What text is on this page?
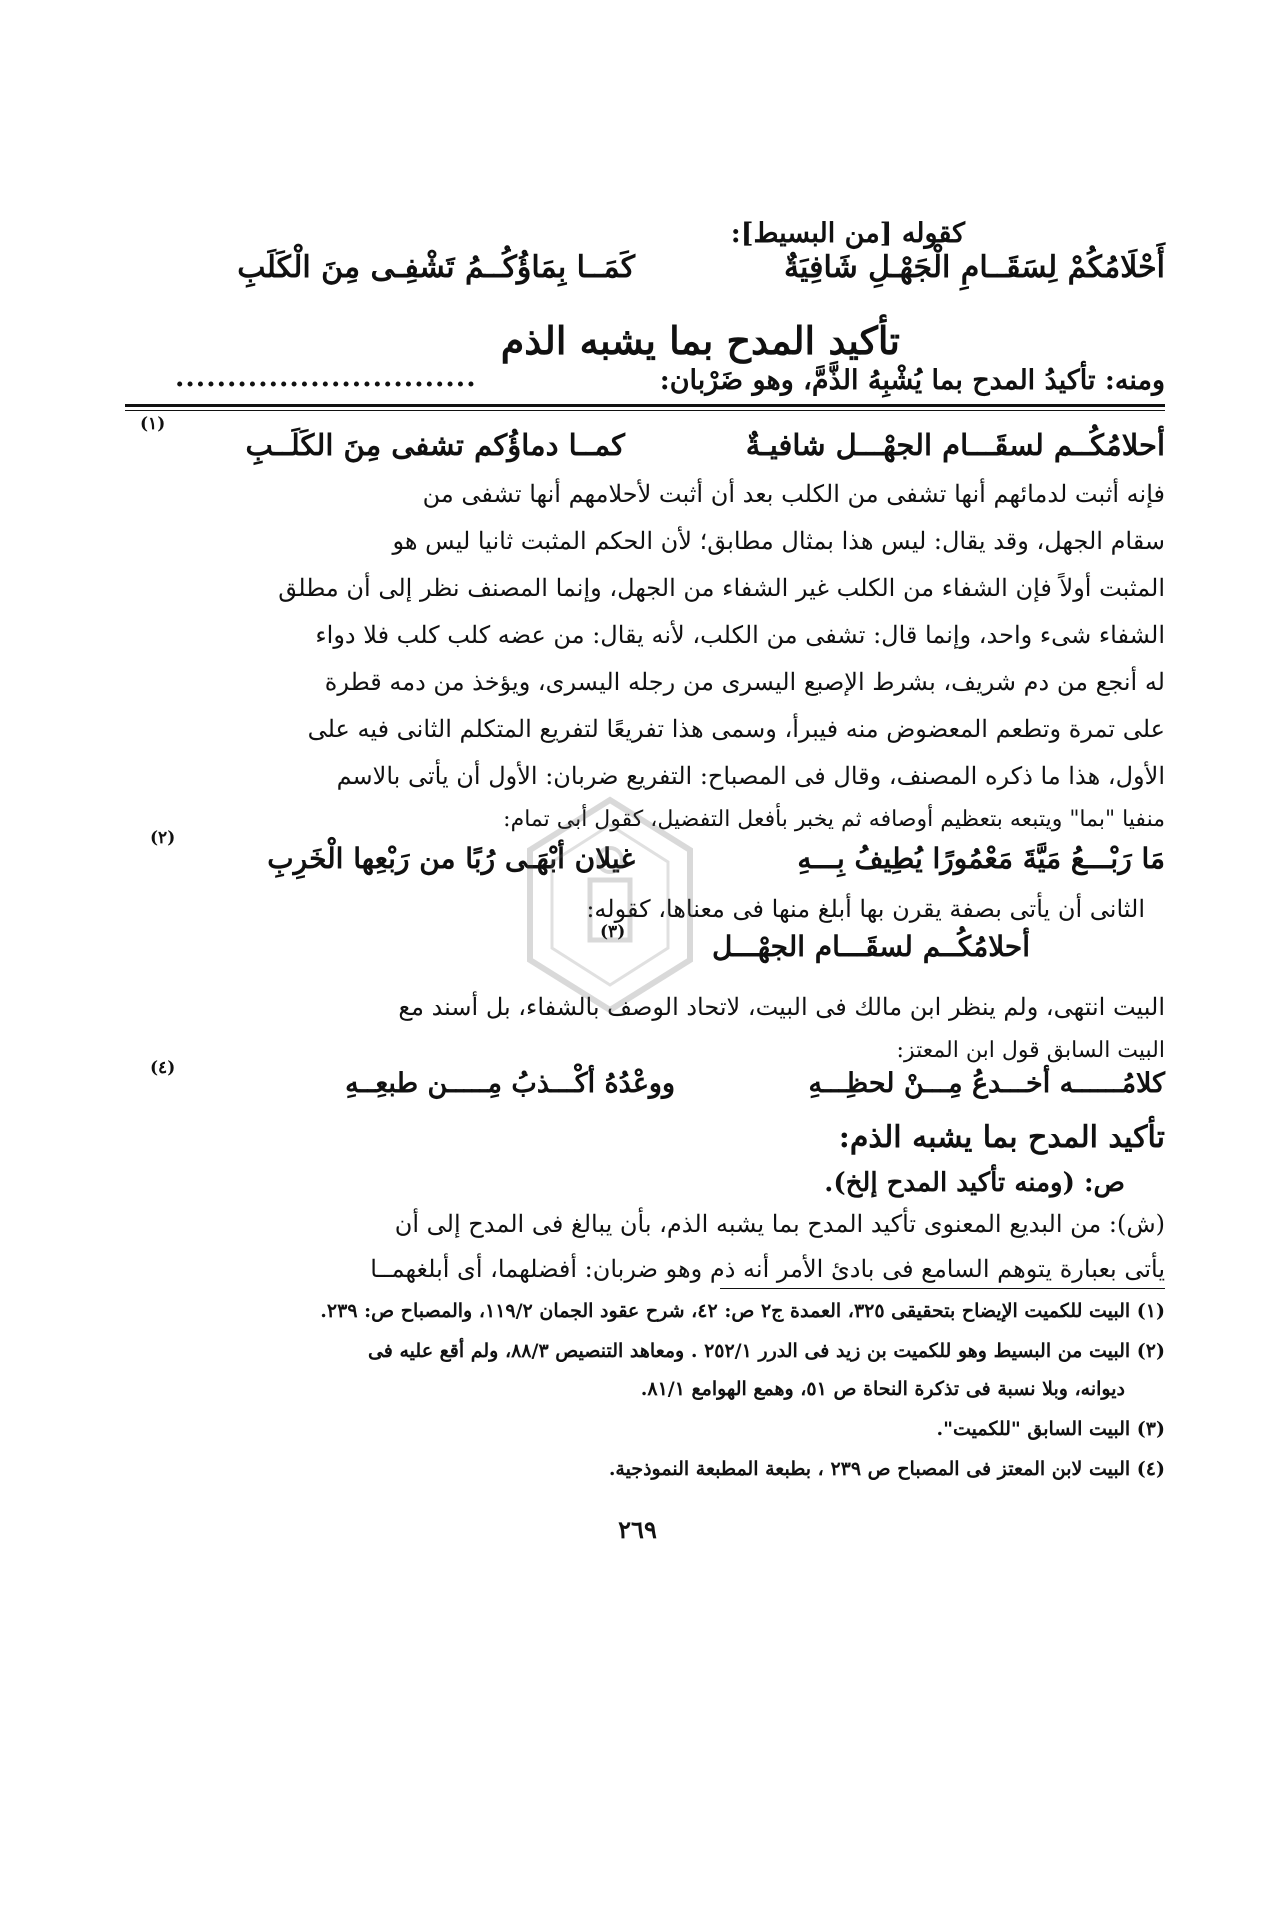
كقوله [من البسيط]:
أَحْلَامُكُمْ لِسَقَــامِ الْجَهْـلِ شَافِيَةٌ
كَمَــا بِمَاؤُكُــمُ تَشْفِـى مِنَ الْكَلَبِ
تأكيد المدح بما يشبه الذم
ومنه: تأكيدُ المدح بما يُشْبِهُ الذَّمَّ، وهو ضَرْبان:
.............................
أحلامُكُــم لسقَـــام الجهْـــل شافيـةٌ
كمــا دماؤُكم تشفى مِنَ الكَلَــبِ
(١)
فإنه أثبت لدمائهم أنها تشفى من الكلب بعد أن أثبت لأحلامهم أنها تشفى من
سقام الجهل، وقد يقال: ليس هذا بمثال مطابق؛ لأن الحكم المثبت ثانيا ليس هو
المثبت أولاً فإن الشفاء من الكلب غير الشفاء من الجهل، وإنما المصنف نظر إلى أن مطلق
الشفاء شىء واحد، وإنما قال: تشفى من الكلب، لأنه يقال: من عضه كلب كلب فلا دواء
له أنجع من دم شريف، بشرط الإصبع اليسرى من رجله اليسرى، ويؤخذ من دمه قطرة
على تمرة وتطعم المعضوض منه فيبرأ، وسمى هذا تفريعًا لتفريع المتكلم الثانى فيه على
الأول، هذا ما ذكره المصنف، وقال فى المصباح: التفريع ضربان: الأول أن يأتى بالاسم
منفيا "بما" ويتبعه بتعظيم أوصافه ثم يخبر بأفعل التفضيل، كقول أبى تمام:
مَا رَبْـــعُ مَيَّةَ مَعْمُورًا يُطِيفُ بِـــهِ
غيلان أبْهَـى رُبًا من رَبْعِها الْخَرِبِ
(٢)
الثانى أن يأتى بصفة يقرن بها أبلغ منها فى معناها، كقوله:
أحلامُكُــم لسقَـــام الجهْـــل
(٣)
البيت انتهى، ولم ينظر ابن مالك فى البيت، لاتحاد الوصف بالشفاء، بل أسند مع
البيت السابق قول ابن المعتز:
كلامُــــــه أخـــدعُ مِـــنْ لحظِـــهِ
ووعْدُهُ أكْـــذبُ مِـــــن طبعِــهِ
(٤)
تأكيد المدح بما يشبه الذم:
ص: (ومنه تأكيد المدح إلخ).
(ش): من البديع المعنوى تأكيد المدح بما يشبه الذم، بأن يبالغ فى المدح إلى أن
يأتى بعبارة يتوهم السامع فى بادئ الأمر أنه ذم وهو ضربان: أفضلهما، أى أبلغهمــا
(١) البيت للكميت الإيضاح بتحقيقى ٣٢٥، العمدة ج٢ ص: ٤٢، شرح عقود الجمان ١١٩/٢، والمصباح ص: ٢٣٩.
(٢) البيت من البسيط وهو للكميت بن زيد فى الدرر ٢٥٢/١ . ومعاهد التنصيص ٨٨/٣، ولم أقع عليه فى
ديوانه، وبلا نسبة فى تذكرة النحاة ص ٥١، وهمع الهوامع ٨١/١.
(٣) البيت السابق "للكميت".
(٤) البيت لابن المعتز فى المصباح ص ٢٣٩ ، بطبعة المطبعة النموذجية.
٢٦٩
